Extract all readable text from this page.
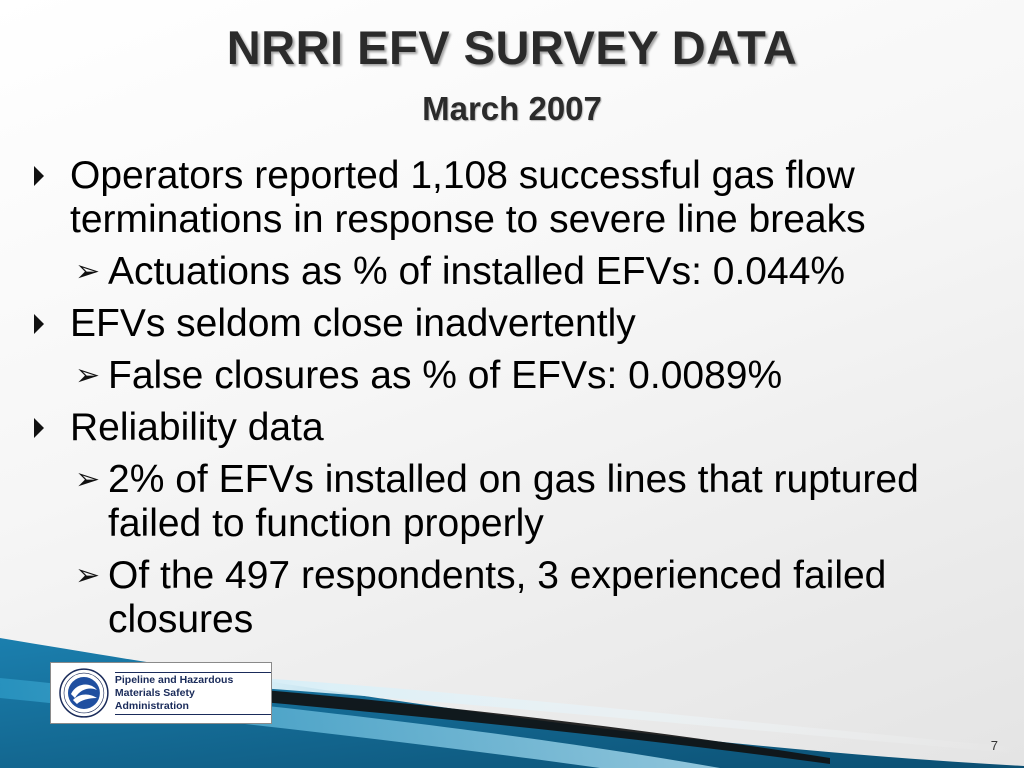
NRRI EFV SURVEY DATA
March 2007
Operators reported 1,108 successful gas flow terminations in response to severe line breaks
➢ Actuations as % of installed EFVs: 0.044%
EFVs seldom close inadvertently
➢ False closures as % of EFVs: 0.0089%
Reliability data
➢ 2% of EFVs installed on gas lines that ruptured failed to function properly
➢ Of the 497 respondents, 3 experienced failed closures
Pipeline and Hazardous
Materials Safety Administration
7
